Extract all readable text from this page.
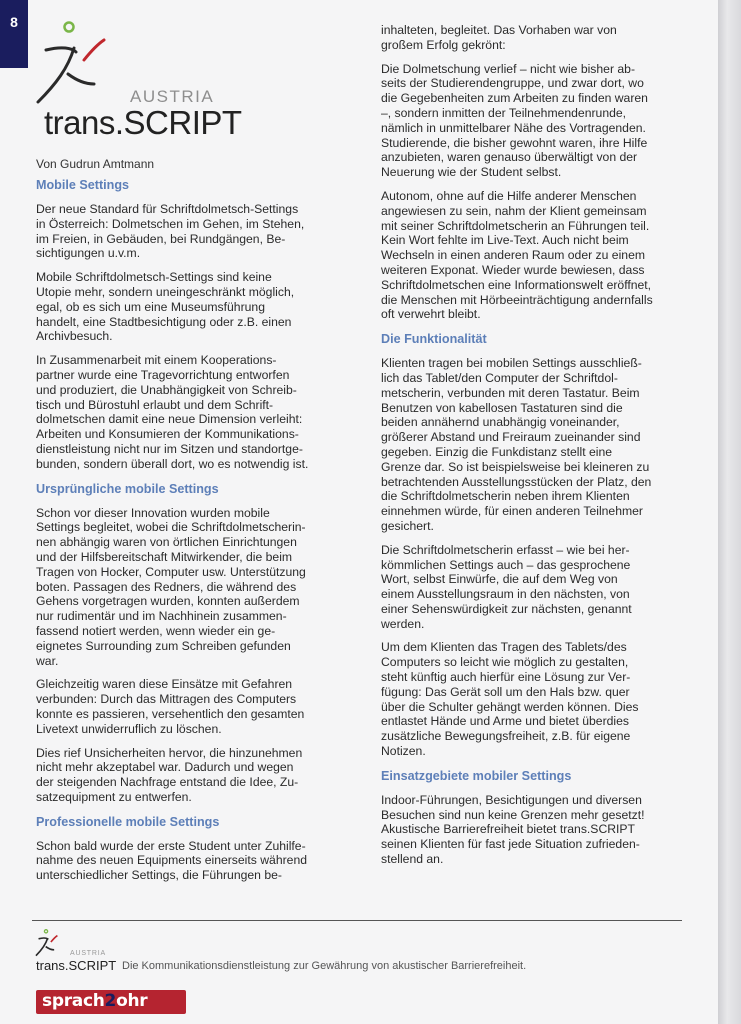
8
AUSTRIA
trans.SCRIPT
Von Gudrun Amtmann
Mobile Settings

Der neue Standard für Schriftdolmetsch-Settings
in Österreich: Dolmetschen im Gehen, im Stehen,
im Freien, in Gebäuden, bei Rundgängen, Be-
sichtigungen u.v.m.

Mobile Schriftdolmetsch-Settings sind keine
Utopie mehr, sondern uneingeschränkt möglich,
egal, ob es sich um eine Museumsführung
handelt, eine Stadtbesichtigung oder z.B. einen
Archivbesuch.

In Zusammenarbeit mit einem Kooperations-
partner wurde eine Tragevorrichtung entworfen
und produziert, die Unabhängigkeit von Schreib-
tisch und Bürostuhl erlaubt und dem Schrift-
dolmetschen damit eine neue Dimension verleiht:
Arbeiten und Konsumieren der Kommunikations-
dienstleistung nicht nur im Sitzen und standortge-
bunden, sondern überall dort, wo es notwendig ist.

Ursprüngliche mobile Settings

Schon vor dieser Innovation wurden mobile
Settings begleitet, wobei die Schriftdolmetscherin-
nen abhängig waren von örtlichen Einrichtungen
und der Hilfsbereitschaft Mitwirkender, die beim
Tragen von Hocker, Computer usw. Unterstützung
boten. Passagen des Redners, die während des
Gehens vorgetragen wurden, konnten außerdem
nur rudimentär und im Nachhinein zusammen-
fassend notiert werden, wenn wieder ein ge-
eignetes Surrounding zum Schreiben gefunden
war.

Gleichzeitig waren diese Einsätze mit Gefahren
verbunden: Durch das Mittragen des Computers
konnte es passieren, versehentlich den gesamten
Livetext unwiderruflich zu löschen.

Dies rief Unsicherheiten hervor, die hinzunehmen
nicht mehr akzeptabel war. Dadurch und wegen
der steigenden Nachfrage entstand die Idee, Zu-
satzequipment zu entwerfen.

Professionelle mobile Settings

Schon bald wurde der erste Student unter Zuhilfe-
nahme des neuen Equipments einerseits während
unterschiedlicher Settings, die Führungen be-

inhalteten, begleitet. Das Vorhaben war von
großem Erfolg gekrönt:

Die Dolmetschung verlief – nicht wie bisher ab-
seits der Studierendengruppe, und zwar dort, wo
die Gegebenheiten zum Arbeiten zu finden waren
–, sondern inmitten der Teilnehmendenrunde,
nämlich in unmittelbarer Nähe des Vortragenden.
Studierende, die bisher gewohnt waren, ihre Hilfe
anzubieten, waren genauso überwältigt von der
Neuerung wie der Student selbst.

Autonom, ohne auf die Hilfe anderer Menschen
angewiesen zu sein, nahm der Klient gemeinsam
mit seiner Schriftdolmetscherin an Führungen teil.
Kein Wort fehlte im Live-Text. Auch nicht beim
Wechseln in einen anderen Raum oder zu einem
weiteren Exponat. Wieder wurde bewiesen, dass
Schriftdolmetschen eine Informationswelt eröffnet,
die Menschen mit Hörbeeinträchtigung andernfalls
oft verwehrt bleibt.

Die Funktionalität

Klienten tragen bei mobilen Settings ausschließ-
lich das Tablet/den Computer der Schriftdol-
metscherin, verbunden mit deren Tastatur. Beim
Benutzen von kabellosen Tastaturen sind die
beiden annähernd unabhängig voneinander,
größerer Abstand und Freiraum zueinander sind
gegeben. Einzig die Funkdistanz stellt eine
Grenze dar. So ist beispielsweise bei kleineren zu
betrachtenden Ausstellungsstücken der Platz, den
die Schriftdolmetscherin neben ihrem Klienten
einnehmen würde, für einen anderen Teilnehmer
gesichert.

Die Schriftdolmetscherin erfasst – wie bei her-
kömmlichen Settings auch – das gesprochene
Wort, selbst Einwürfe, die auf dem Weg von
einem Ausstellungsraum in den nächsten, von
einer Sehenswürdigkeit zur nächsten, genannt
werden.

Um dem Klienten das Tragen des Tablets/des
Computers so leicht wie möglich zu gestalten,
steht künftig auch hierfür eine Lösung zur Ver-
fügung: Das Gerät soll um den Hals bzw. quer
über die Schulter gehängt werden können. Dies
entlastet Hände und Arme und bietet überdies
zusätzliche Bewegungsfreiheit, z.B. für eigene
Notizen.

Einsatzgebiete mobiler Settings

Indoor-Führungen, Besichtigungen und diversen
Besuchen sind nun keine Grenzen mehr gesetzt!
Akustische Barrierefreiheit bietet trans.SCRIPT
seinen Klienten für fast jede Situation zufrieden-
stellend an.

AUSTRIA
trans.SCRIPT Die Kommunikationsdienstleistung zur Gewährung von akustischer Barrierefreiheit.
sprach2ohr
